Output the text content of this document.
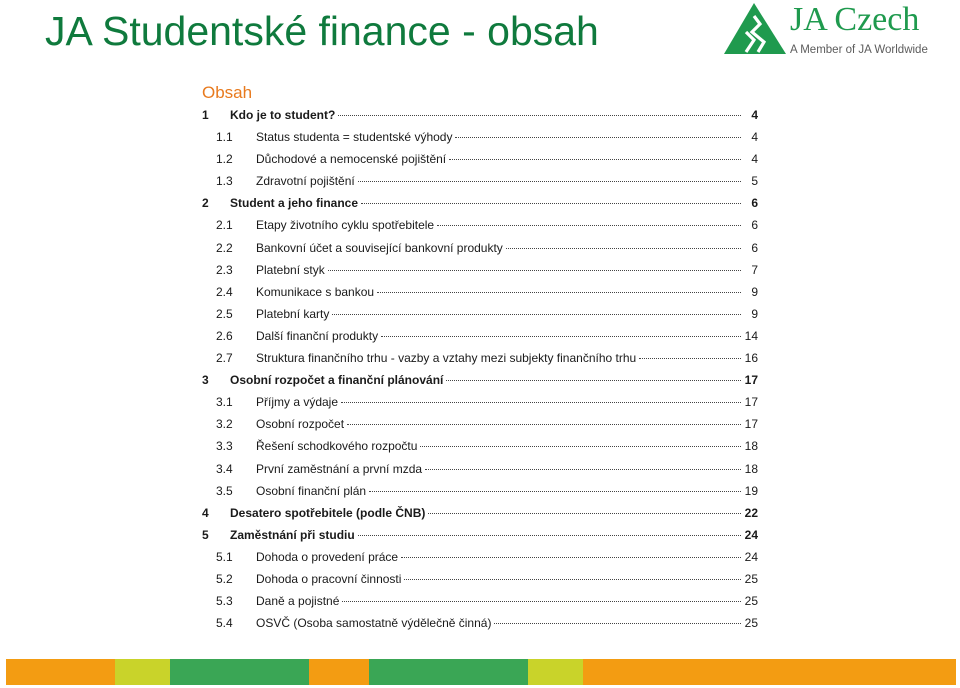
JA Studentské finance - obsah	JA Czech
A Member of JA Worldwide
Obsah
1	Kdo je to student?	4
1.1	Status studenta = studentské výhody	4
1.2	Důchodové a nemocenské pojištění	4
1.3	Zdravotní pojištění	5
2	Student a jeho finance	6
2.1	Etapy životního cyklu spotřebitele	6
2.2	Bankovní účet a související bankovní produkty	6
2.3	Platební styk	7
2.4	Komunikace s bankou	9
2.5	Platební karty	9
2.6	Další finanční produkty	14
2.7	Struktura finančního trhu - vazby a vztahy mezi subjekty finančního trhu	16
3	Osobní rozpočet a finanční plánování	17
3.1	Příjmy a výdaje	17
3.2	Osobní rozpočet	17
3.3	Řešení schodkového rozpočtu	18
3.4	První zaměstnání a první mzda	18
3.5	Osobní finanční plán	19
4	Desatero spotřebitele (podle ČNB)	22
5	Zaměstnání při studiu	24
5.1	Dohoda o provedení práce	24
5.2	Dohoda o pracovní činnosti	25
5.3	Daně a pojistné	25
5.4	OSVČ (Osoba samostatně výdělečně činná)	25
